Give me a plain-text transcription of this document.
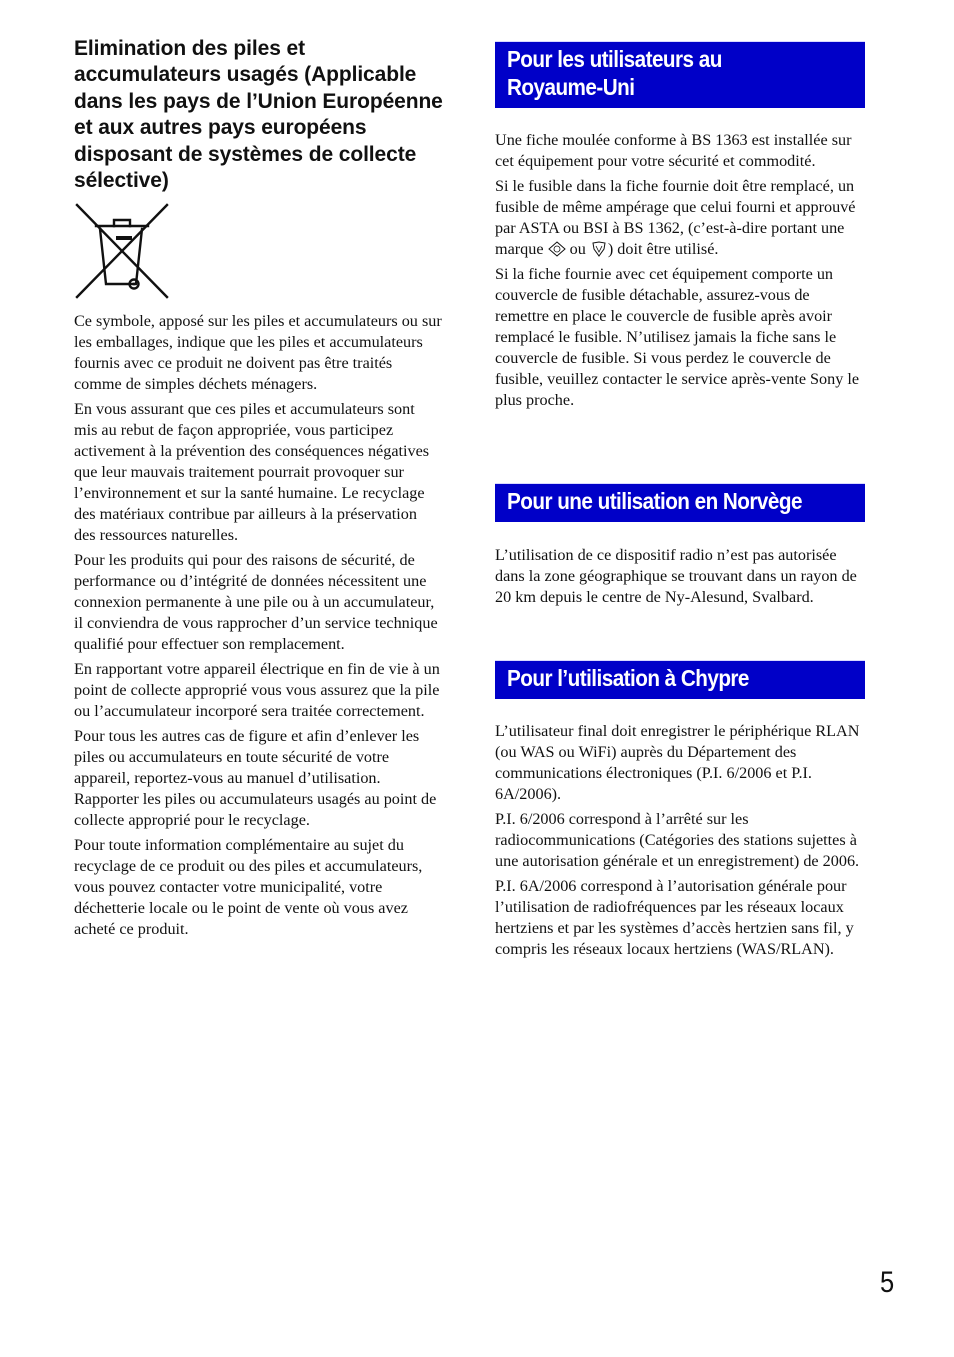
Elimination des piles et accumulateurs usagés (Applicable dans les pays de l’Union Européenne et aux autres pays européens disposant de systèmes de collecte sélective)

Ce symbole, apposé sur les piles et accumulateurs ou sur les emballages, indique que les piles et accumulateurs fournis avec ce produit ne doivent pas être traités comme de simples déchets ménagers.

En vous assurant que ces piles et accumulateurs sont mis au rebut de façon appropriée, vous participez activement à la prévention des conséquences négatives que leur mauvais traitement pourrait provoquer sur l’environnement et sur la santé humaine. Le recyclage des matériaux contribue par ailleurs à la préservation des ressources naturelles.

Pour les produits qui pour des raisons de sécurité, de performance ou d’intégrité de données nécessitent une connexion permanente à une pile ou à un accumulateur, il conviendra de vous rapprocher d’un service technique qualifié pour effectuer son remplacement.

En rapportant votre appareil électrique en fin de vie à un point de collecte approprié vous vous assurez que la pile ou l’accumulateur incorporé sera traitée correctement.

Pour tous les autres cas de figure et afin d’enlever les piles ou accumulateurs en toute sécurité de votre appareil, reportez-vous au manuel d’utilisation. Rapporter les piles ou accumulateurs usagés au point de collecte approprié pour le recyclage.

Pour toute information complémentaire au sujet du recyclage de ce produit ou des piles et accumulateurs, vous pouvez contacter votre municipalité, votre déchetterie locale ou le point de vente où vous avez acheté ce produit.

Pour les utilisateurs au
Royaume-Uni

Une fiche moulée conforme à BS 1363 est installée sur cet équipement pour votre sécurité et commodité.

Si le fusible dans la fiche fournie doit être remplacé, un fusible de même ampérage que celui fourni et approuvé par ASTA ou BSI à BS 1362, (c’est-à-dire portant une marque  ou ) doit être utilisé.

Si la fiche fournie avec cet équipement comporte un couvercle de fusible détachable, assurez-vous de remettre en place le couvercle de fusible après avoir remplacé le fusible. N’utilisez jamais la fiche sans le couvercle de fusible. Si vous perdez le couvercle de fusible, veuillez contacter le service après-vente Sony le plus proche.

Pour une utilisation en Norvège

L’utilisation de ce dispositif radio n’est pas autorisée dans la zone géographique se trouvant dans un rayon de 20 km depuis le centre de Ny-Alesund, Svalbard.

Pour l’utilisation à Chypre

L’utilisateur final doit enregistrer le périphérique RLAN (ou WAS ou WiFi) auprès du Département des communications électroniques (P.I. 6/2006 et P.I. 6A/2006).

P.I. 6/2006 correspond à l’arrêté sur les radiocommunications (Catégories des stations sujettes à une autorisation générale et un enregistrement) de 2006.

P.I. 6A/2006 correspond à l’autorisation générale pour l’utilisation de radiofréquences par les réseaux locaux hertziens et par les systèmes d’accès hertzien sans fil, y compris les réseaux locaux hertziens (WAS/RLAN).

5
